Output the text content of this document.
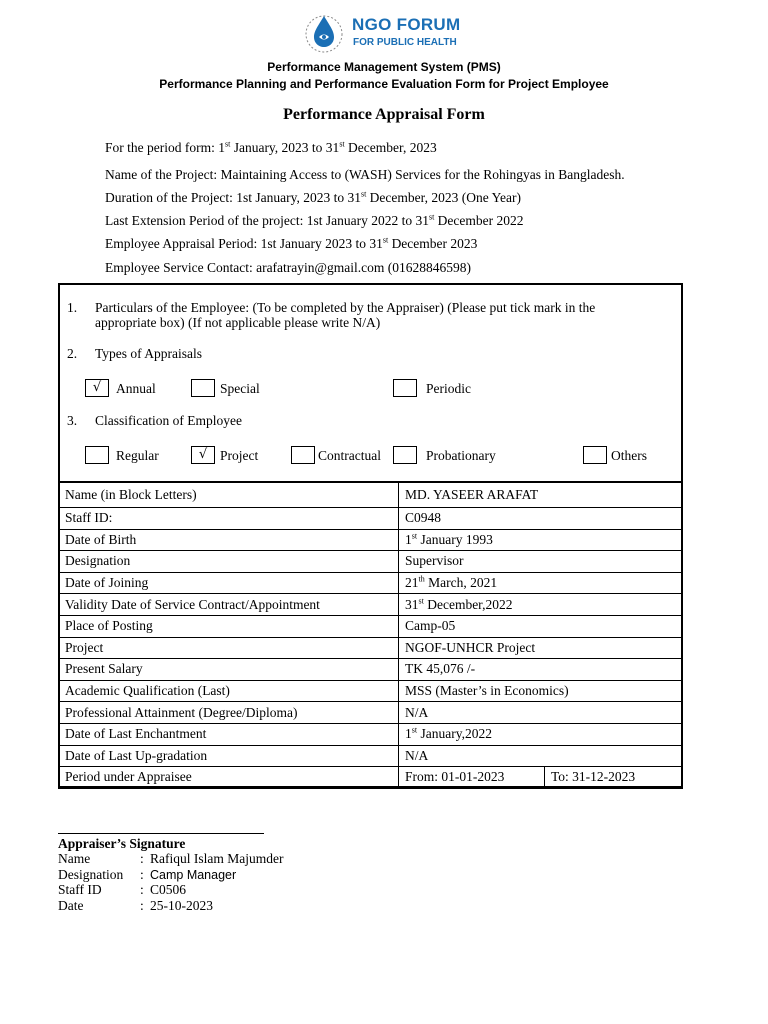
NGO FORUM
FOR PUBLIC HEALTH
Performance Management System (PMS)
Performance Planning and Performance Evaluation Form for Project Employee
Performance Appraisal Form
For the period form: 1st January, 2023 to 31st December, 2023
Name of the Project: Maintaining Access to (WASH) Services for the Rohingyas in Bangladesh.
Duration of the Project: 1st January, 2023 to 31st December, 2023 (One Year)
Last Extension Period of the project: 1st January 2022 to 31st December 2022
Employee Appraisal Period: 1st January 2023 to 31st December 2023
Employee Service Contact: arafatrayin@gmail.com (01628846598)
1. Particulars of the Employee: (To be completed by the Appraiser) (Please put tick mark in the appropriate box) (If not applicable please write N/A)
2. Types of Appraisals
√	Annual	Special	Periodic
3. Classification of Employee
Regular	√ Project	Contractual	Probationary	Others
Name (in Block Letters)	MD. YASEER ARAFAT	
Staff ID:	C0948	
Date of Birth	1st January 1993	
Designation	Supervisor	
Date of Joining	21th March, 2021	
Validity Date of Service Contract/Appointment	31st December,2022	
Place of Posting	Camp-05	
Project	NGOF-UNHCR Project	
Present Salary	TK 45,076 /-	
Academic Qualification (Last)	MSS (Master’s in Economics)	
Professional Attainment (Degree/Diploma)	N/A	
Date of Last Enchantment	1st January,2022	
Date of Last Up-gradation	N/A	
Period under Appraisee	From: 01-01-2023	To: 31-12-2023
Appraiser’s Signature
Name	: Rafiqul Islam Majumder
Designation : Camp Manager
Staff ID	: C0506
Date	: 25-10-2023
